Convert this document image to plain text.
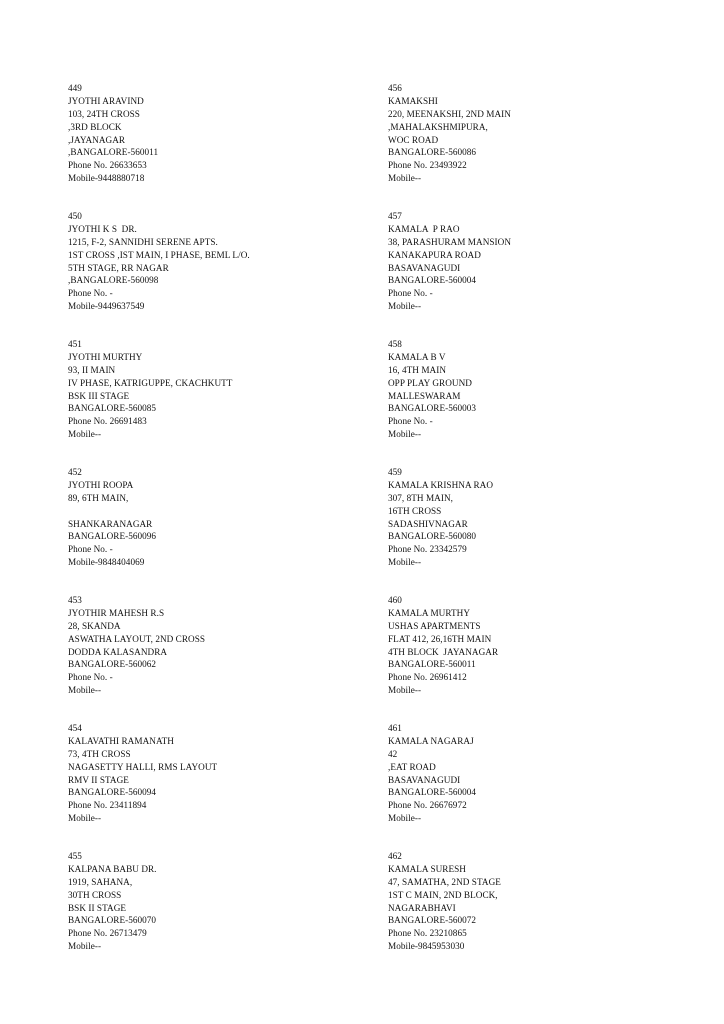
449
JYOTHI ARAVIND
103, 24TH CROSS
,3RD BLOCK
,JAYANAGAR
,BANGALORE-560011
Phone No. 26633653
Mobile-9448880718
450
JYOTHI K S  DR.
1215, F-2, SANNIDHI SERENE APTS.
1ST CROSS ,IST MAIN, I PHASE, BEML L/O.
5TH STAGE, RR NAGAR
,BANGALORE-560098
Phone No. -
Mobile-9449637549
451
JYOTHI MURTHY
93, II MAIN
IV PHASE, KATRIGUPPE, CKACHKUTT
BSK III STAGE
BANGALORE-560085
Phone No. 26691483
Mobile--
452
JYOTHI ROOPA
89, 6TH MAIN,
SHANKARANAGAR
BANGALORE-560096
Phone No. -
Mobile-9848404069
453
JYOTHIR MAHESH R.S
28, SKANDA
ASWATHA LAYOUT, 2ND CROSS
DODDA KALASANDRA
BANGALORE-560062
Phone No. -
Mobile--
454
KALAVATHI RAMANATH
73, 4TH CROSS
NAGASETTY HALLI, RMS LAYOUT
RMV II STAGE
BANGALORE-560094
Phone No. 23411894
Mobile--
455
KALPANA BABU DR.
1919, SAHANA,
30TH CROSS
BSK II STAGE
BANGALORE-560070
Phone No. 26713479
Mobile--
456
KAMAKSHI
220, MEENAKSHI, 2ND MAIN
,MAHALAKSHMIPURA,
WOC ROAD
BANGALORE-560086
Phone No. 23493922
Mobile--
457
KAMALA  P RAO
38, PARASHURAM MANSION
KANAKAPURA ROAD
BASAVANAGUDI
BANGALORE-560004
Phone No. -
Mobile--
458
KAMALA B V
16, 4TH MAIN
OPP PLAY GROUND
MALLESWARAM
BANGALORE-560003
Phone No. -
Mobile--
459
KAMALA KRISHNA RAO
307, 8TH MAIN,
16TH CROSS
SADASHIVNAGAR
BANGALORE-560080
Phone No. 23342579
Mobile--
460
KAMALA MURTHY
USHAS APARTMENTS
FLAT 412, 26,16TH MAIN
4TH BLOCK  JAYANAGAR
BANGALORE-560011
Phone No. 26961412
Mobile--
461
KAMALA NAGARAJ
42
,EAT ROAD
BASAVANAGUDI
BANGALORE-560004
Phone No. 26676972
Mobile--
462
KAMALA SURESH
47, SAMATHA, 2ND STAGE
1ST C MAIN, 2ND BLOCK,
NAGARABHAVI
BANGALORE-560072
Phone No. 23210865
Mobile-9845953030
